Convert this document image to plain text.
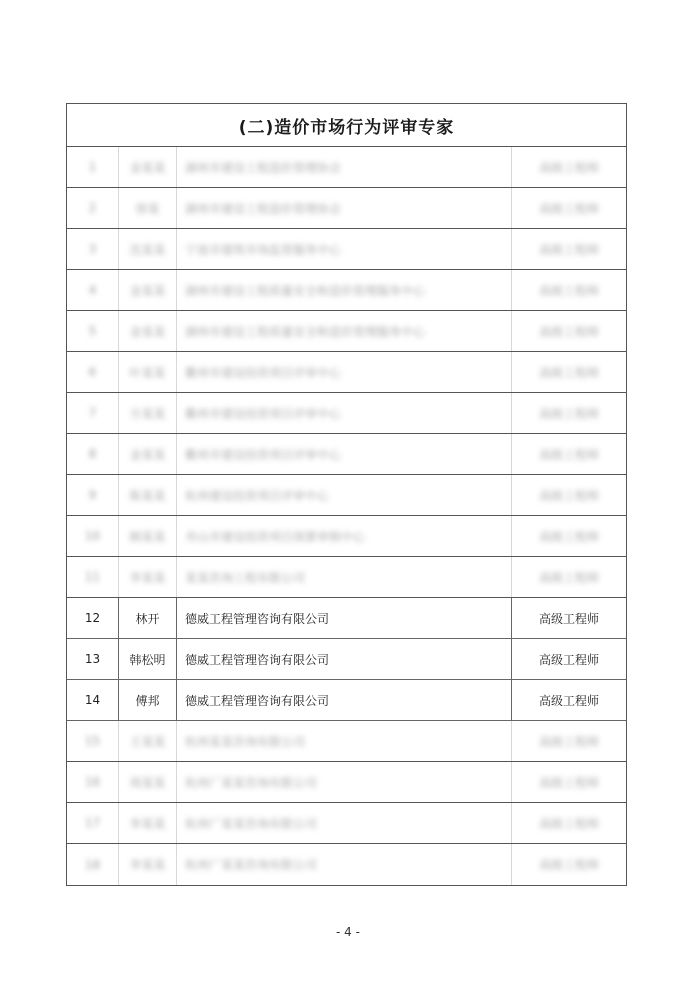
(二)造价市场行为评审专家
1	金某某 湖州市建设工程造价管理协会	高级工程师
2	徐某 湖州市建设工程造价管理协会	高级工程师
3	沈某某 宁波市建筑市场监管服务中心	高级工程师
4	金某某 湖州市建设工程质量安全和造价管理服务中心	高级工程师
5	金某某 湖州市建设工程质量安全和造价管理服务中心	高级工程师
6	叶某某 衢州市建设投资项目评审中心	高级工程师
7	方某某 衢州市建设投资项目评审中心	高级工程师
8	金某某 衢州市建设投资项目评审中心	高级工程师
9	陈某某 杭州建设投资项目评审中心	高级工程师
10 顾某某 舟山市建设投资项目预算审核中心	高级工程师
11 李某某 某某咨询工程有限公司	高级工程师
12	林开 德威工程管理咨询有限公司	高级工程师
13 韩松明 德威工程管理咨询有限公司	高级工程师
14	傅邦 德威工程管理咨询有限公司	高级工程师
15 王某某 杭州某某咨询有限公司	高级工程师
16 周某某 杭州广某某咨询有限公司	高级工程师
17 李某某 杭州广某某咨询有限公司	高级工程师
18 李某某 杭州广某某咨询有限公司	高级工程师
- 4 -
